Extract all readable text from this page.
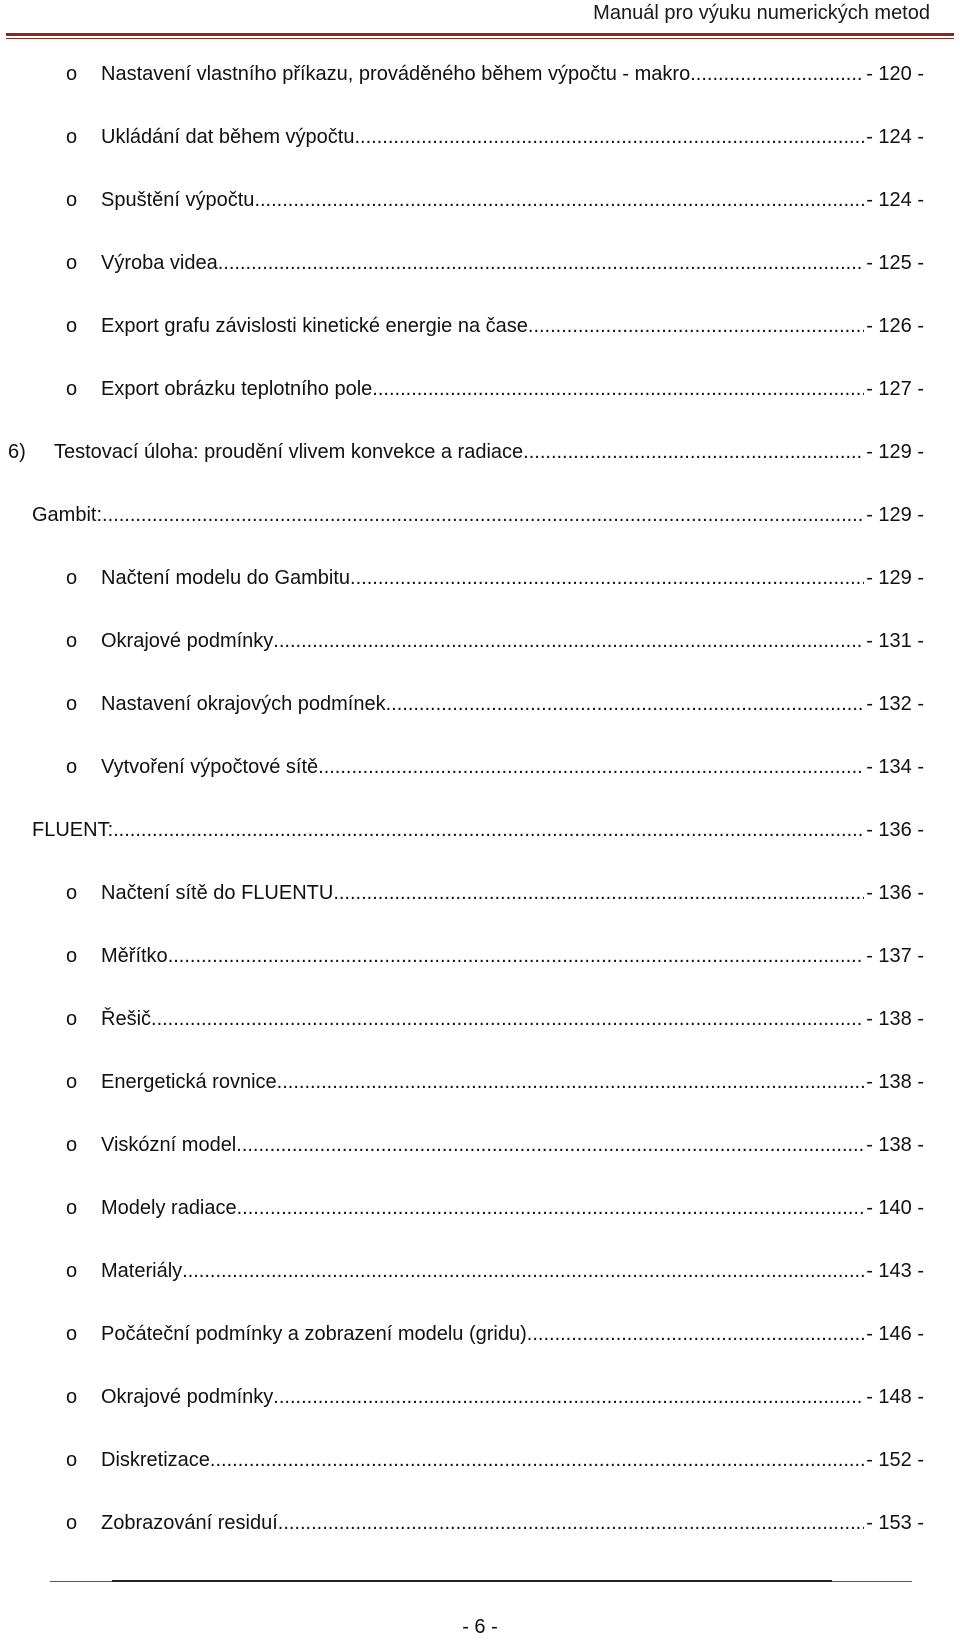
Manuál pro výuku numerických metod
o	Nastavení vlastního příkazu, prováděného během výpočtu - makro .....	- 120 -
o	Ukládání dat během výpočtu .....	- 124 -
o	Spuštění výpočtu .....	- 124 -
o	Výroba videa .....	- 125 -
o	Export grafu závislosti kinetické energie na čase .....	- 126 -
o	Export obrázku teplotního pole .....	- 127 -
6) Testovací úloha: proudění vlivem konvekce a radiace .....	- 129 -
Gambit: .....	- 129 -
o	Načtení modelu do Gambitu .....	- 129 -
o	Okrajové podmínky .....	- 131 -
o	Nastavení okrajových podmínek .....	- 132 -
o	Vytvoření výpočtové sítě .....	- 134 -
FLUENT: .....	- 136 -
o	Načtení sítě do FLUENTU .....	- 136 -
o	Měřítko .....	- 137 -
o	Řešič .....	- 138 -
o	Energetická rovnice .....	- 138 -
o	Viskózní model .....	- 138 -
o	Modely radiace .....	- 140 -
o	Materiály .....	- 143 -
o	Počáteční podmínky a zobrazení modelu (gridu) .....	- 146 -
o	Okrajové podmínky .....	- 148 -
o	Diskretizace .....	- 152 -
o	Zobrazování residuí .....	- 153 -
- 6 -
